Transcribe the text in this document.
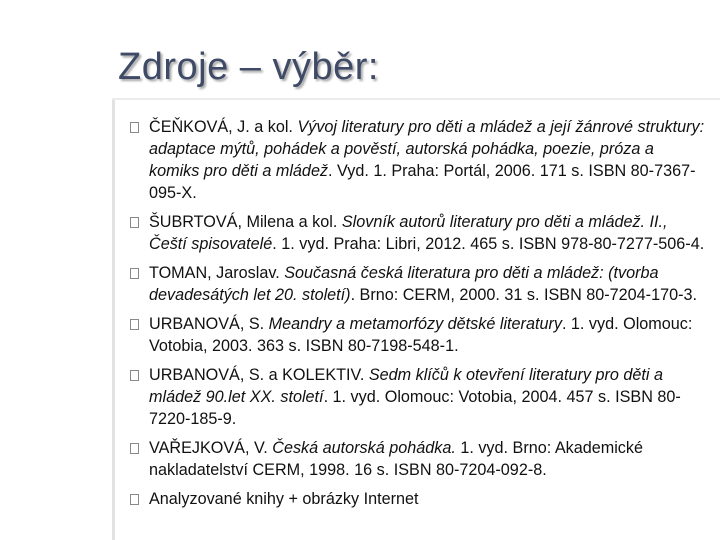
Zdroje – výběr:
ČEŇKOVÁ, J. a kol. Vývoj literatury pro děti a mládež a její žánrové struktury: adaptace mýtů, pohádek a pověstí, autorská pohádka, poezie, próza a komiks pro děti a mládež. Vyd. 1. Praha: Portál, 2006. 171 s. ISBN 80-7367-095-X.
ŠUBRTOVÁ, Milena a kol. Slovník autorů literatury pro děti a mládež. II., Čeští spisovatelé. 1. vyd. Praha: Libri, 2012. 465 s. ISBN 978-80-7277-506-4.
TOMAN, Jaroslav. Současná česká literatura pro děti a mládež: (tvorba devadesátých let 20. století). Brno: CERM, 2000. 31 s. ISBN 80-7204-170-3.
URBANOVÁ, S. Meandry a metamorfózy dětské literatury. 1. vyd. Olomouc: Votobia, 2003. 363 s. ISBN 80-7198-548-1.
URBANOVÁ, S. a KOLEKTIV. Sedm klíčů k otevření literatury pro děti a mládež 90.let XX. století. 1. vyd. Olomouc: Votobia, 2004. 457 s. ISBN 80-7220-185-9.
VAŘEJKOVÁ, V. Česká autorská pohádka. 1. vyd. Brno: Akademické nakladatelství CERM, 1998. 16 s. ISBN 80-7204-092-8.
Analyzované knihy + obrázky Internet
